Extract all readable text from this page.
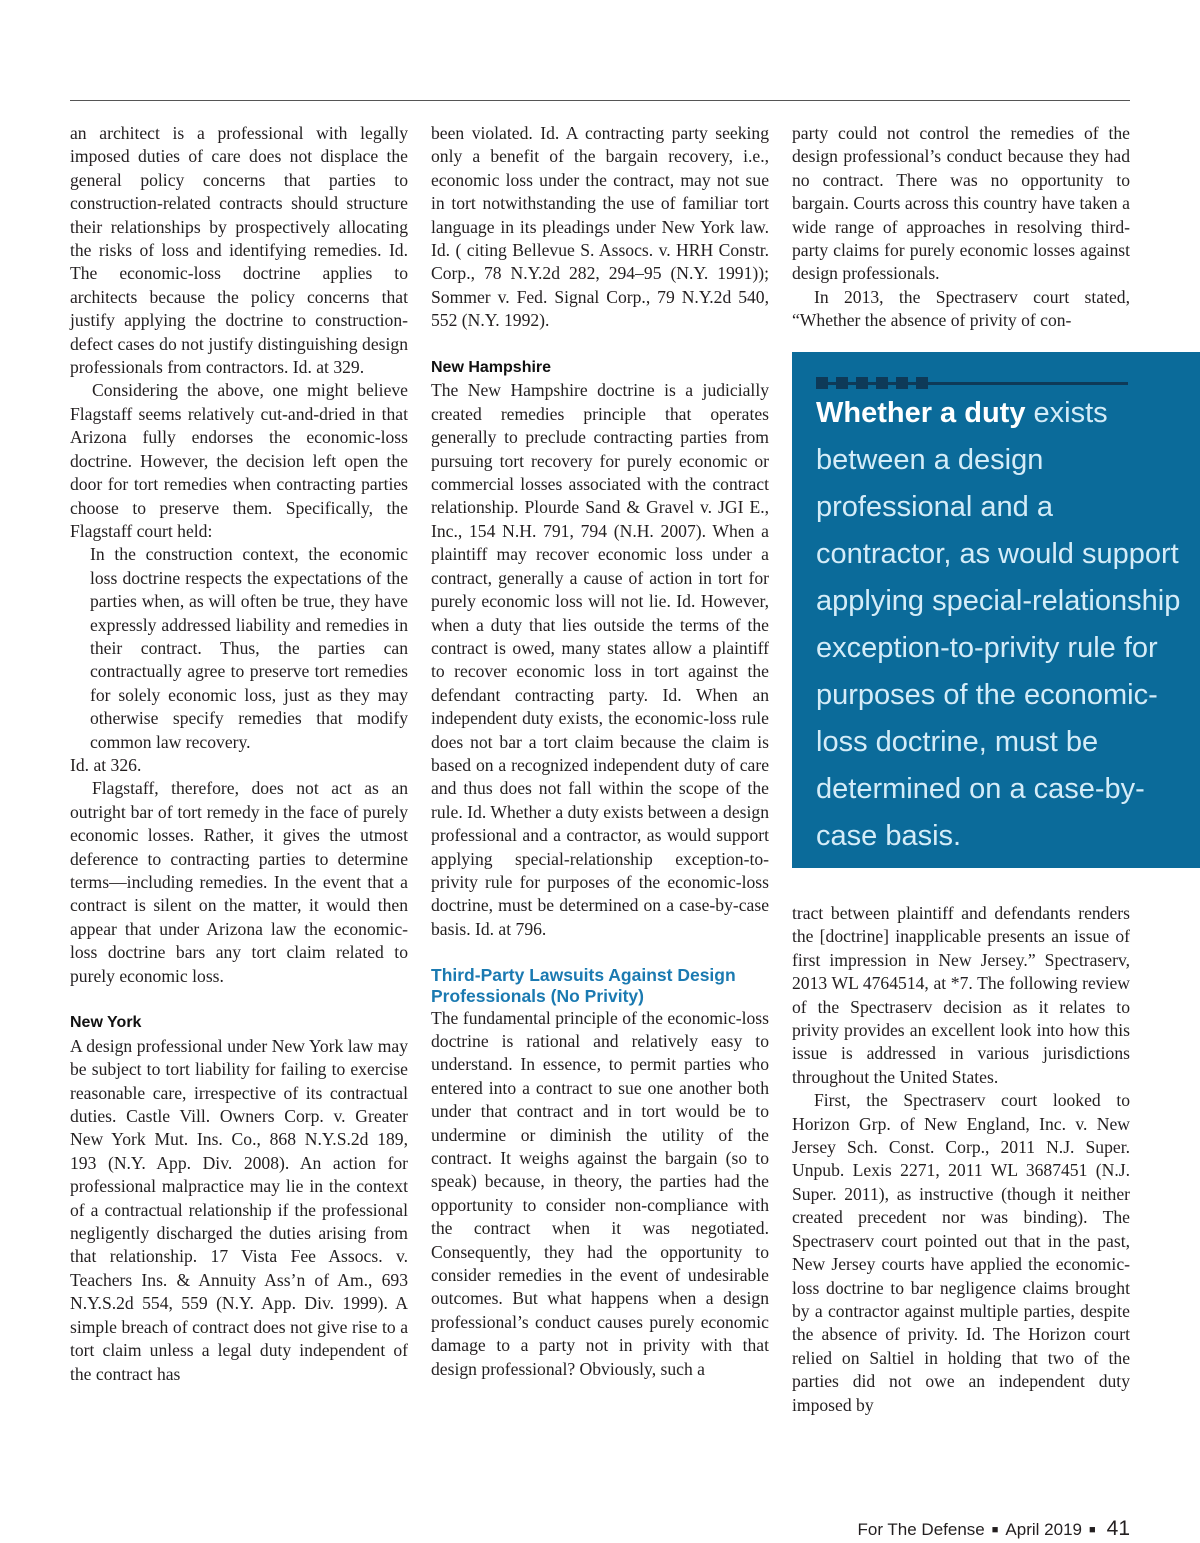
an architect is a professional with legally imposed duties of care does not displace the general policy concerns that parties to construction-related contracts should structure their relationships by prospectively allocating the risks of loss and identifying remedies. Id. The economic-loss doctrine applies to architects because the policy concerns that justify applying the doctrine to construction-defect cases do not justify distinguishing design professionals from contractors. Id. at 329.

Considering the above, one might believe Flagstaff seems relatively cut-and-dried in that Arizona fully endorses the economic-loss doctrine. However, the decision left open the door for tort remedies when contracting parties choose to preserve them. Specifically, the Flagstaff court held:

In the construction context, the economic loss doctrine respects the expectations of the parties when, as will often be true, they have expressly addressed liability and remedies in their contract. Thus, the parties can contractually agree to preserve tort remedies for solely economic loss, just as they may otherwise specify remedies that modify common law recovery.

Id. at 326.

Flagstaff, therefore, does not act as an outright bar of tort remedy in the face of purely economic losses. Rather, it gives the utmost deference to contracting parties to determine terms—including remedies. In the event that a contract is silent on the matter, it would then appear that under Arizona law the economic-loss doctrine bars any tort claim related to purely economic loss.

New York

A design professional under New York law may be subject to tort liability for failing to exercise reasonable care, irrespective of its contractual duties. Castle Vill. Owners Corp. v. Greater New York Mut. Ins. Co., 868 N.Y.S.2d 189, 193 (N.Y. App. Div. 2008). An action for professional malpractice may lie in the context of a contractual relationship if the professional negligently discharged the duties arising from that relationship. 17 Vista Fee Assocs. v. Teachers Ins. & Annuity Ass’n of Am., 693 N.Y.S.2d 554, 559 (N.Y. App. Div. 1999). A simple breach of contract does not give rise to a tort claim unless a legal duty independent of the contract has

been violated. Id. A contracting party seeking only a benefit of the bargain recovery, i.e., economic loss under the contract, may not sue in tort notwithstanding the use of familiar tort language in its pleadings under New York law. Id. ( citing Bellevue S. Assocs. v. HRH Constr. Corp., 78 N.Y.2d 282, 294–95 (N.Y. 1991)); Sommer v. Fed. Signal Corp., 79 N.Y.2d 540, 552 (N.Y. 1992).

New Hampshire

The New Hampshire doctrine is a judicially created remedies principle that operates generally to preclude contracting parties from pursuing tort recovery for purely economic or commercial losses associated with the contract relationship. Plourde Sand & Gravel v. JGI E., Inc., 154 N.H. 791, 794 (N.H. 2007). When a plaintiff may recover economic loss under a contract, generally a cause of action in tort for purely economic loss will not lie. Id. However, when a duty that lies outside the terms of the contract is owed, many states allow a plaintiff to recover economic loss in tort against the defendant contracting party. Id. When an independent duty exists, the economic-loss rule does not bar a tort claim because the claim is based on a recognized independent duty of care and thus does not fall within the scope of the rule. Id. Whether a duty exists between a design professional and a contractor, as would support applying special-relationship exception-to-privity rule for purposes of the economic-loss doctrine, must be determined on a case-by-case basis. Id. at 796.

Third-Party Lawsuits Against Design Professionals (No Privity)

The fundamental principle of the economic-loss doctrine is rational and relatively easy to understand. In essence, to permit parties who entered into a contract to sue one another both under that contract and in tort would be to undermine or diminish the utility of the contract. It weighs against the bargain (so to speak) because, in theory, the parties had the opportunity to consider non-compliance with the contract when it was negotiated. Consequently, they had the opportunity to consider remedies in the event of undesirable outcomes. But what happens when a design professional’s conduct causes purely economic damage to a party not in privity with that design professional? Obviously, such a

party could not control the remedies of the design professional’s conduct because they had no contract. There was no opportunity to bargain. Courts across this country have taken a wide range of approaches in resolving third-party claims for purely economic losses against design professionals.

In 2013, the Spectraserv court stated, “Whether the absence of privity of con-

Whether a duty exists between a design professional and a contractor, as would support applying special-relationship exception-to-privity rule for purposes of the economic-loss doctrine, must be determined on a case-by-case basis.

tract between plaintiff and defendants renders the [doctrine] inapplicable presents an issue of first impression in New Jersey.” Spectraserv, 2013 WL 4764514, at *7. The following review of the Spectraserv decision as it relates to privity provides an excellent look into how this issue is addressed in various jurisdictions throughout the United States.

First, the Spectraserv court looked to Horizon Grp. of New England, Inc. v. New Jersey Sch. Const. Corp., 2011 N.J. Super. Unpub. Lexis 2271, 2011 WL 3687451 (N.J. Super. 2011), as instructive (though it neither created precedent nor was binding). The Spectraserv court pointed out that in the past, New Jersey courts have applied the economic-loss doctrine to bar negligence claims brought by a contractor against multiple parties, despite the absence of privity. Id. The Horizon court relied on Saltiel in holding that two of the parties did not owe an independent duty imposed by

For The Defense ■ April 2019 ■ 41
